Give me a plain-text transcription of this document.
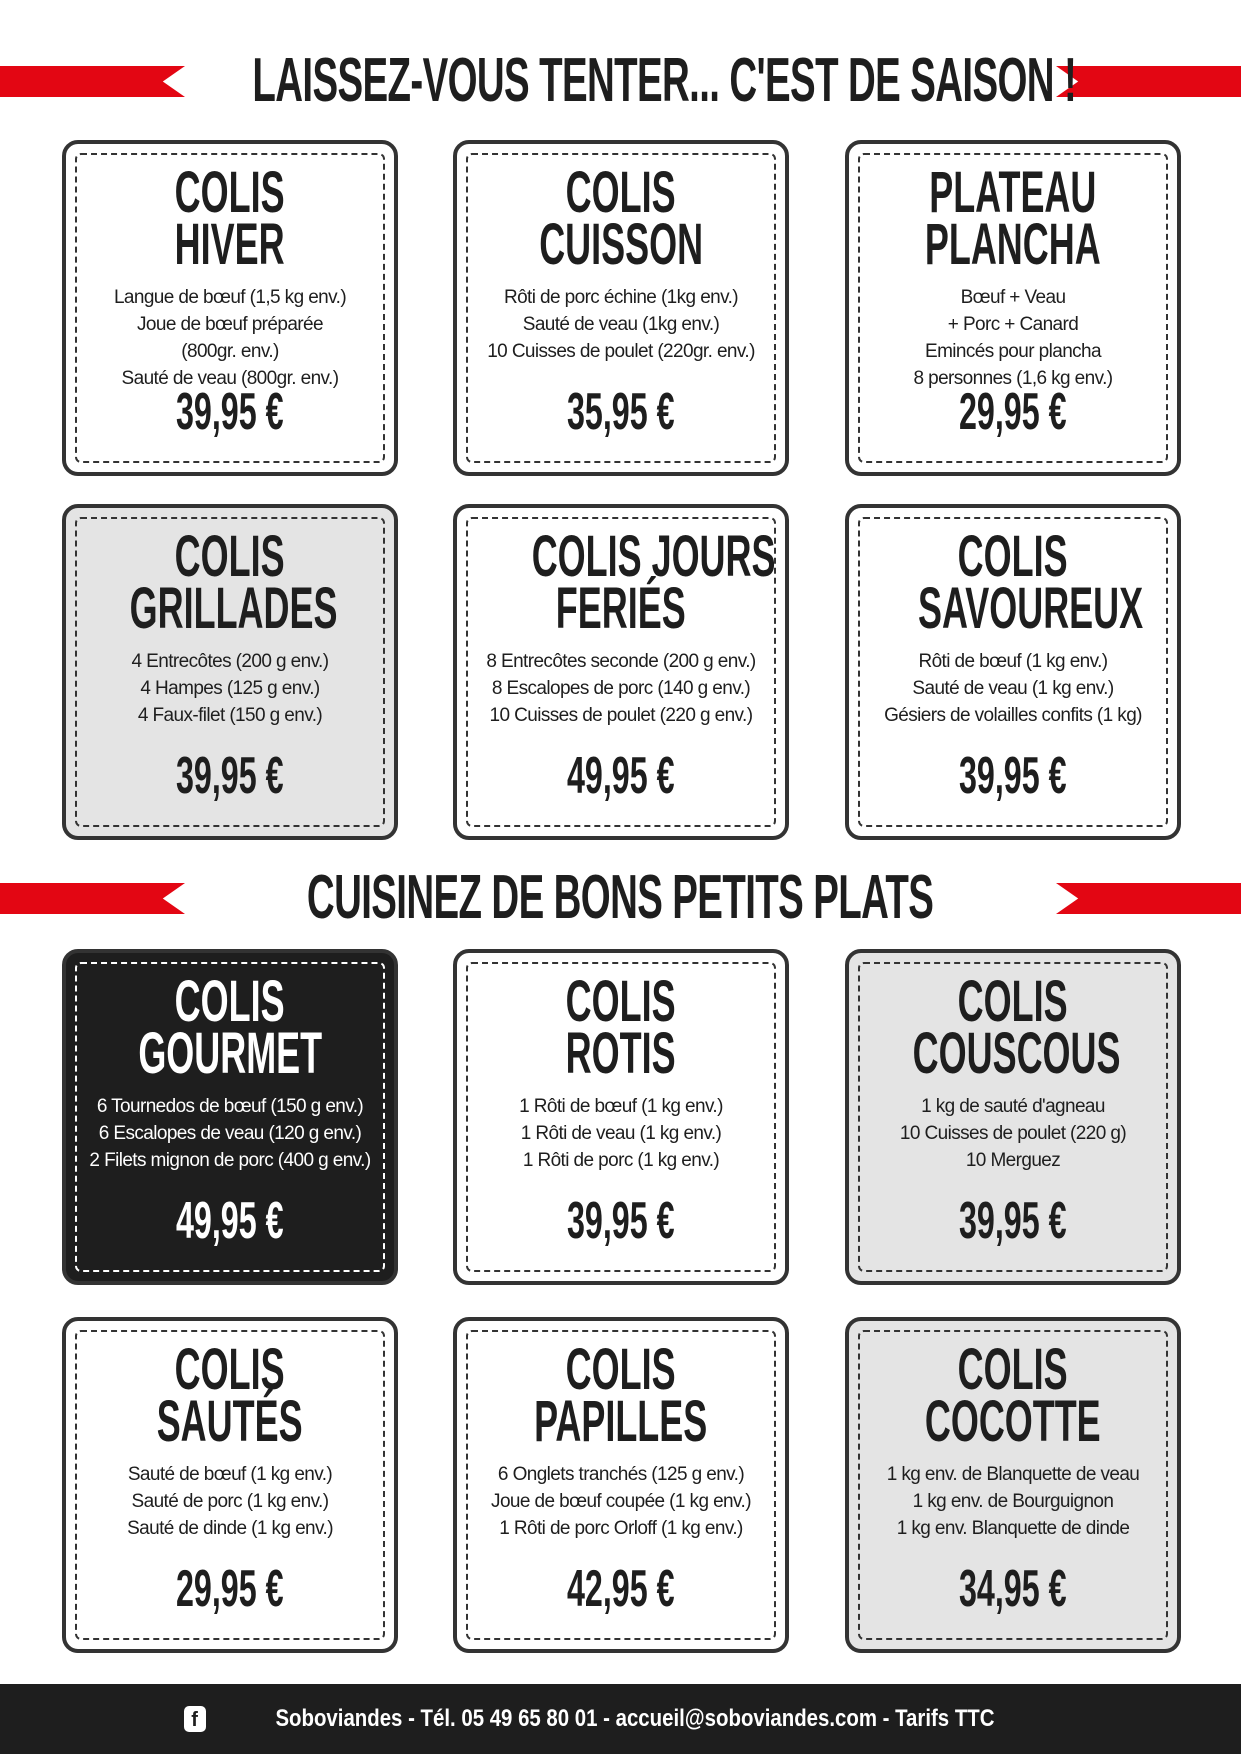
LAISSEZ-VOUS TENTER... C'EST DE SAISON !
COLIS
HIVER
Langue de bœuf (1,5 kg env.)
Joue de bœuf préparée
(800gr. env.)
Sauté de veau (800gr. env.)
39,95 €
COLIS
CUISSON
Rôti de porc échine (1kg env.)
Sauté de veau (1kg env.)
10 Cuisses de poulet (220gr. env.)
35,95 €
PLATEAU
PLANCHA
Bœuf + Veau
+ Porc + Canard
Emincés pour plancha
8 personnes (1,6 kg env.)
29,95 €
COLIS
GRILLADES
4 Entrecôtes (200 g env.)
4 Hampes (125 g env.)
4 Faux-filet (150 g env.)
39,95 €
COLIS JOURS
FERIÉS
8 Entrecôtes seconde (200 g env.)
8 Escalopes de porc (140 g env.)
10 Cuisses de poulet (220 g env.)
49,95 €
COLIS
SAVOUREUX
Rôti de bœuf (1 kg env.)
Sauté de veau (1 kg env.)
Gésiers de volailles confits (1 kg)
39,95 €
CUISINEZ DE BONS PETITS PLATS
COLIS
GOURMET
6 Tournedos de bœuf (150 g env.)
6 Escalopes de veau (120 g env.)
2 Filets mignon de porc (400 g env.)
49,95 €
COLIS
ROTIS
1 Rôti de bœuf (1 kg env.)
1 Rôti de veau (1 kg env.)
1 Rôti de porc (1 kg env.)
39,95 €
COLIS
COUSCOUS
1 kg de sauté d'agneau
10 Cuisses de poulet (220 g)
10 Merguez
39,95 €
COLIS
SAUTÉS
Sauté de bœuf (1 kg env.)
Sauté de porc (1 kg env.)
Sauté de dinde (1 kg env.)
29,95 €
COLIS
PAPILLES
6 Onglets tranchés (125 g env.)
Joue de bœuf coupée (1 kg env.)
1 Rôti de porc Orloff (1 kg env.)
42,95 €
COLIS
COCOTTE
1 kg env. de Blanquette de veau
1 kg env. de Bourguignon
1 kg env. Blanquette de dinde
34,95 €
f	Soboviandes - Tél. 05 49 65 80 01 - accueil@soboviandes.com - Tarifs TTC
